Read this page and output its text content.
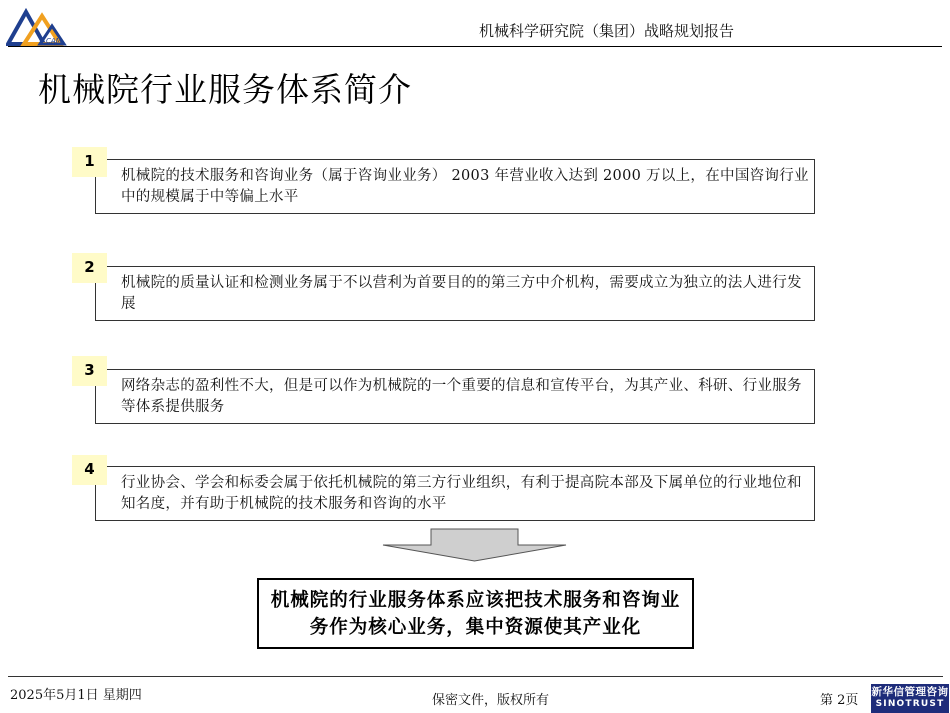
CAM
机械科学研究院（集团）战略规划报告
机械院行业服务体系简介
机械院的技术服务和咨询业务（属于咨询业业务） 2003 年营业收入达到 2000 万以上，在中国咨询行业中的规模属于中等偏上水平
1
机械院的质量认证和检测业务属于不以营利为首要目的的第三方中介机构，需要成立为独立的法人进行发展
2
网络杂志的盈利性不大，但是可以作为机械院的一个重要的信息和宣传平台，为其产业、科研、行业服务等体系提供服务
3
行业协会、学会和标委会属于依托机械院的第三方行业组织，有利于提高院本部及下属单位的行业地位和知名度，并有助于机械院的技术服务和咨询的水平
4
机械院的行业服务体系应该把技术服务和咨询业务作为核心业务，集中资源使其产业化
2025年5月1日 星期四	保密文件，版权所有	第 2页
新华信管理咨询
SINOTRUST
